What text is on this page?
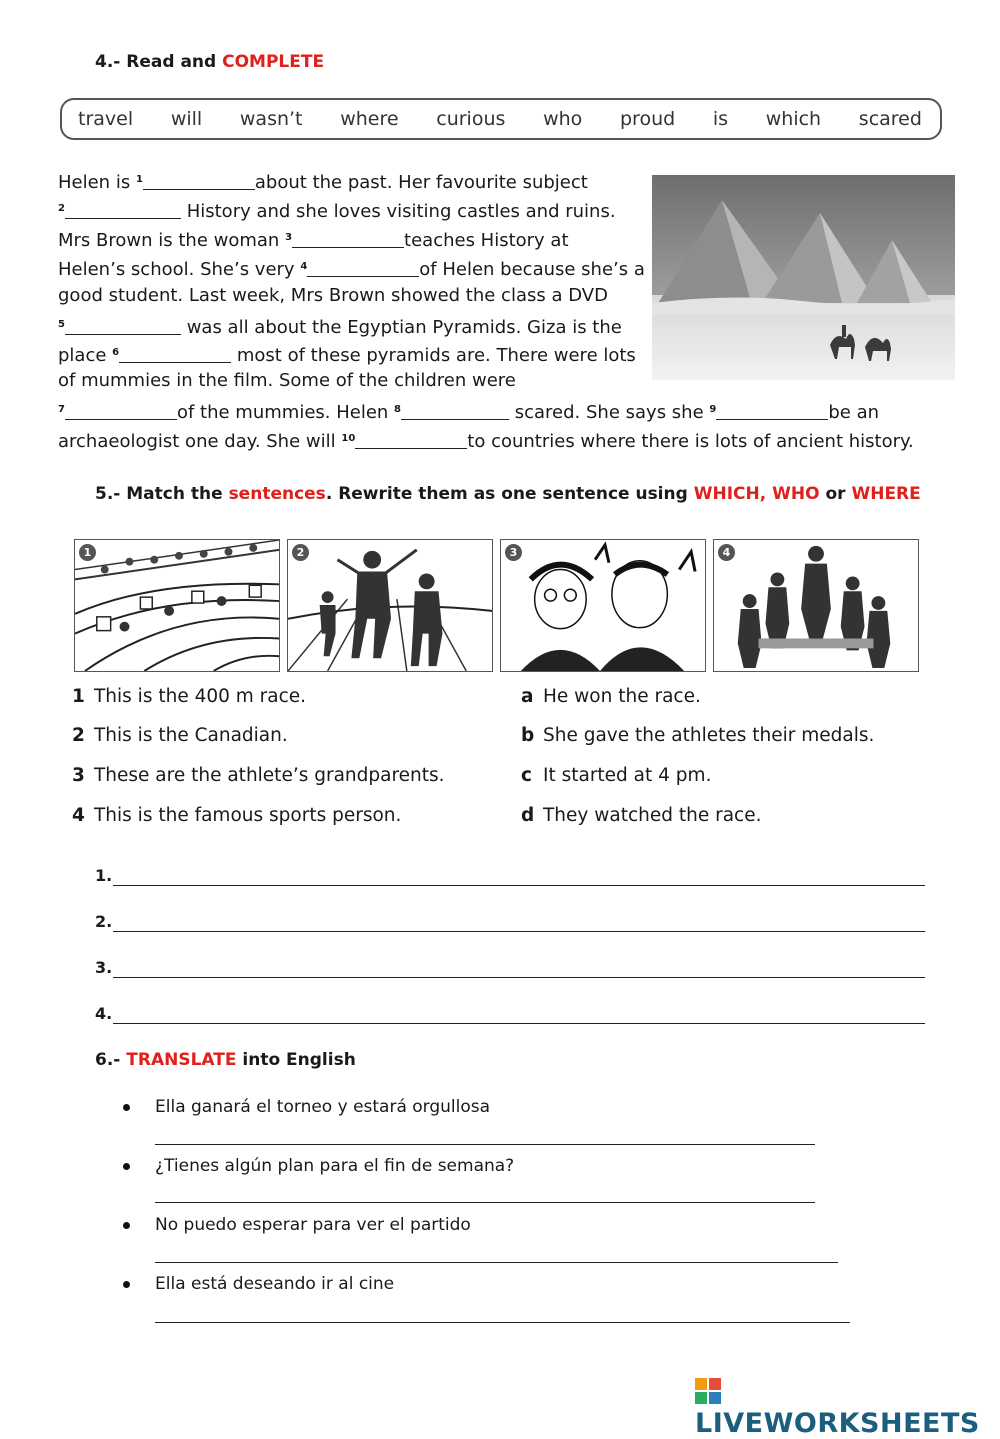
4.- Read and COMPLETE
travel will wasn’t where curious who proud is which scared
Helen is $^1$	about the past. Her favourite subject
$^2$	History and she loves visiting castles and ruins.
Mrs Brown is the woman $^3$	teaches History at
Helen’s school. She’s very $^4$	of Helen because she’s a
good student. Last week, Mrs Brown showed the class a DVD
$^5$	was all about the Egyptian Pyramids. Giza is the
place $^6$	most of these pyramids are. There were lots
of mummies in the film. Some of the children were
$^7$	of the mummies. Helen $^8$	scared. She says she $^9$	be an
archaeologist one day. She will $^{10}$	to countries where there is lots of ancient history.
5.- Match the sentences. Rewrite them as one sentence using WHICH, WHO or WHERE
1	2	3	4
1 This is the 400 m race.
2 This is the Canadian.
3 These are the athlete’s grandparents.
4 This is the famous sports person.
a He won the race.
b She gave the athletes their medals.
c It started at 4 pm.
d They watched the race.
1.
2.
3.
4.
6.- TRANSLATE into English
Ella ganará el torneo y estará orgullosa
¿Tienes algún plan para el fin de semana?
No puedo esperar para ver el partido
Ella está deseando ir al cine
LIVEWORKSHEETS
